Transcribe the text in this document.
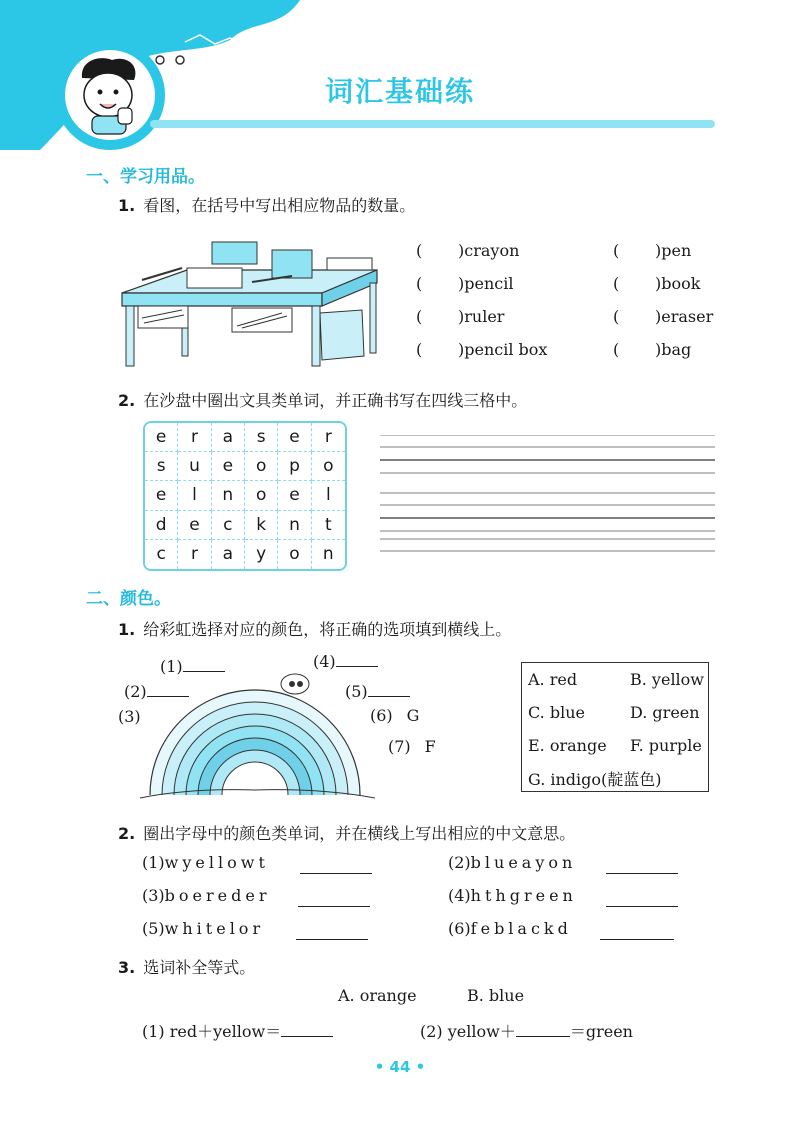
词汇基础练
一、学习用品。
1. 看图，在括号中写出相应物品的数量。
( )crayon	( )pen
( )pencil	( )book
( )ruler	( )eraser
( )pencil box	( )bag
2. 在沙盘中圈出文具类单词，并正确书写在四线三格中。
e	r	a	s	e	r
s	u	e	o	p	o
e	l	n	o	e	l
d	e	c	k	n	t
c	r	a	y	o	n
二、颜色。
1. 给彩虹选择对应的颜色，将正确的选项填到横线上。
(1)
(2)
(3)
(4)
(5)
(6) G
(7) F
A. red	B. yellow
C. blue	D. green
E. orange F. purple
G. indigo(靛蓝色)
2. 圈出字母中的颜色类单词，并在横线上写出相应的中文意思。
(1)wyellowt	(2)blueayon
(3)boereder	(4)hthgreen
(5)whitelor	(6)feblackd
3. 选词补全等式。
A. orange	B. blue
(1) red＋yellow＝	(2) yellow＋	＝green
• 44 •
